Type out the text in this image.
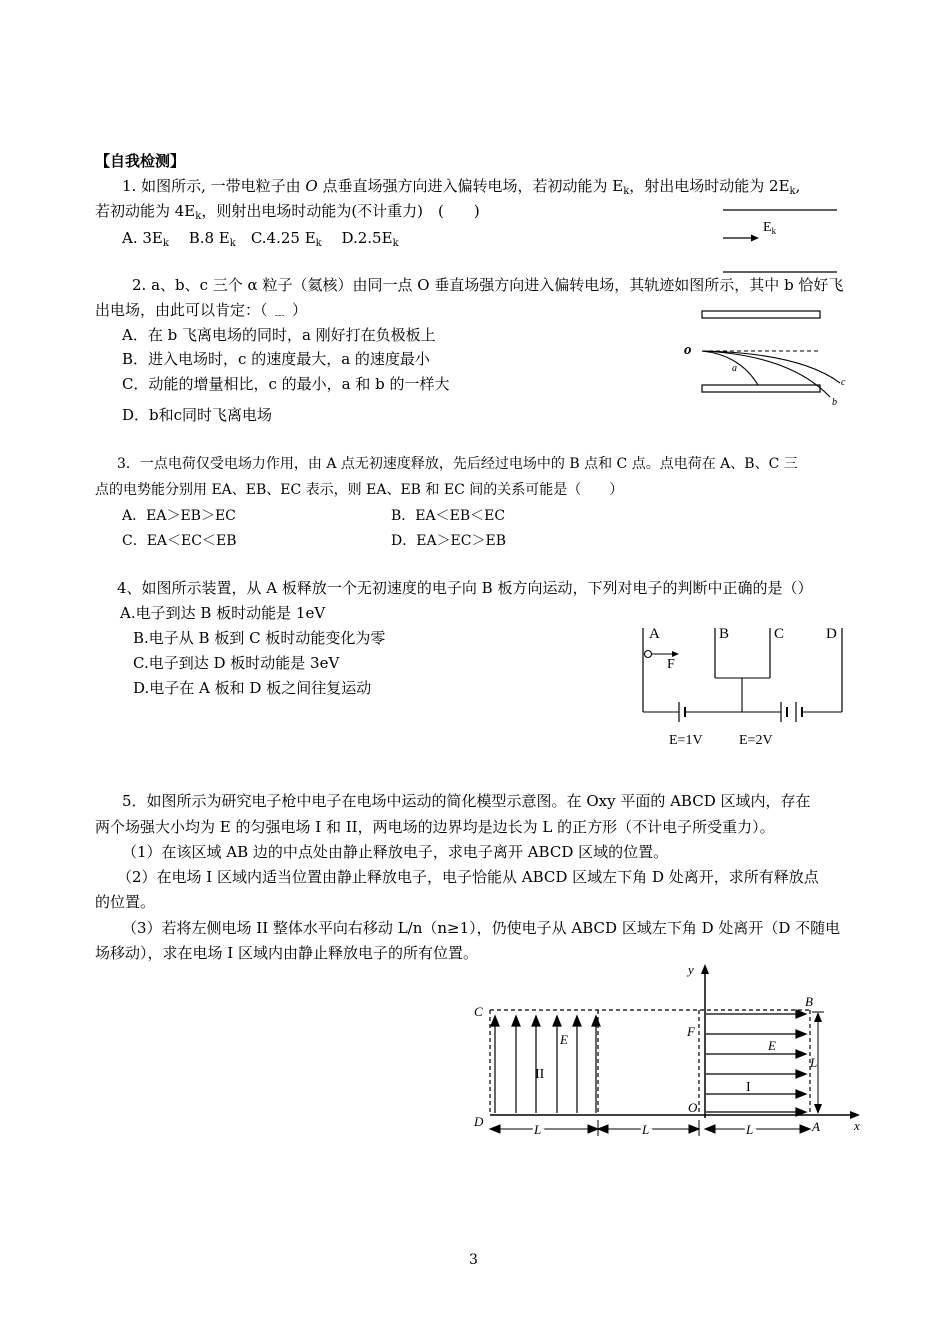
【自我检测】
1. 如图所示, 一带电粒子由 O 点垂直场强方向进入偏转电场，若初动能为 $E_k$，射出电场时动能为 $2E_k$,
若初动能为 $4E_k$，则射出电场时动能为(不计重力)　(　　)
A. $3E_k$　 B.8 $E_k$　C.4.25 $E_k$　 $D.2.5E_k$
$E_k$
2. a、b、c 三个 α 粒子（氦核）由同一点 O 垂直场强方向进入偏转电场，其轨迹如图所示，其中 b 恰好飞
出电场，由此可以肯定：（ ﹍ ）
A．在 b 飞离电场的同时，a 刚好打在负极板上
B．进入电场时，c 的速度最大，a 的速度最小
C．动能的增量相比，c 的最小，a 和 b 的一样大
D．b和c同时飞离电场
o
a
b
c
3．一点电荷仅受电场力作用，由 A 点无初速度释放，先后经过电场中的 B 点和 C 点。点电荷在 A、B、C 三
点的电势能分别用 EA、EB、EC 表示，则 EA、EB 和 EC 间的关系可能是（　　）
A．EA＞EB＞EC	B．EA＜EB＜EC
C．EA＜EC＜EB	D．EA＞EC＞EB
4、如图所示装置，从 A 板释放一个无初速度的电子向 B 板方向运动，下列对电子的判断中正确的是（）
A.电子到达 B 板时动能是 1eV
B.电子从 B 板到 C 板时动能变化为零
C.电子到达 D 板时动能是 3eV
D.电子在 A 板和 D 板之间往复运动
A	B	C	D
F
E=1V	E=2V
5．如图所示为研究电子枪中电子在电场中运动的简化模型示意图。在 Oxy 平面的 ABCD 区域内，存在
两个场强大小均为 E 的匀强电场 I 和 II，两电场的边界均是边长为 L 的正方形（不计电子所受重力）。
（1）在该区域 AB 边的中点处由静止释放电子，求电子离开 ABCD 区域的位置。
（2）在电场 I 区域内适当位置由静止释放电子，电子恰能从 ABCD 区域左下角 D 处离开，求所有释放点
的位置。
（3）若将左侧电场 II 整体水平向右移动 L/n（n≥1），仍使电子从 ABCD 区域左下角 D 处离开（D 不随电
场移动），求在电场 I 区域内由静止释放电子的所有位置。
y
x
C
F
B
D
O
A
E	E
II
I
L
L	L	L
3
